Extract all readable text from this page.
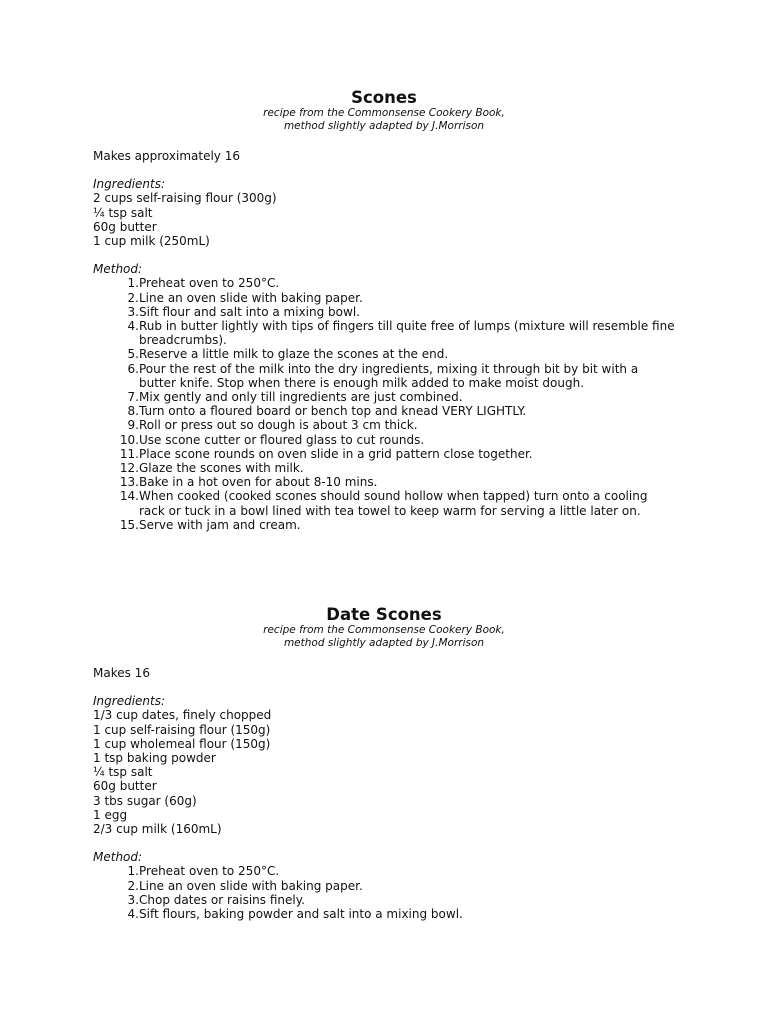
Scones
recipe from the Commonsense Cookery Book,
method slightly adapted by J.Morrison
Makes approximately 16
Ingredients:
2 cups self-raising flour (300g)
¼ tsp salt
60g butter
1 cup milk (250mL)
Method:
1. Preheat oven to 250°C.
2. Line an oven slide with baking paper.
3. Sift flour and salt into a mixing bowl.
4. Rub in butter lightly with tips of fingers till quite free of lumps (mixture will resemble fine breadcrumbs).
5. Reserve a little milk to glaze the scones at the end.
6. Pour the rest of the milk into the dry ingredients, mixing it through bit by bit with a butter knife. Stop when there is enough milk added to make moist dough.
7. Mix gently and only till ingredients are just combined.
8. Turn onto a floured board or bench top and knead VERY LIGHTLY.
9. Roll or press out so dough is about 3 cm thick.
10. Use scone cutter or floured glass to cut rounds.
11. Place scone rounds on oven slide in a grid pattern close together.
12. Glaze the scones with milk.
13. Bake in a hot oven for about 8-10 mins.
14. When cooked (cooked scones should sound hollow when tapped) turn onto a cooling rack or tuck in a bowl lined with tea towel to keep warm for serving a little later on.
15. Serve with jam and cream.
Date Scones
recipe from the Commonsense Cookery Book,
method slightly adapted by J.Morrison
Makes 16
Ingredients:
1/3 cup dates, finely chopped
1 cup self-raising flour (150g)
1 cup wholemeal flour (150g)
1 tsp baking powder
¼ tsp salt
60g butter
3 tbs sugar (60g)
1 egg
2/3 cup milk (160mL)
Method:
1. Preheat oven to 250°C.
2. Line an oven slide with baking paper.
3. Chop dates or raisins finely.
4. Sift flours, baking powder and salt into a mixing bowl.
